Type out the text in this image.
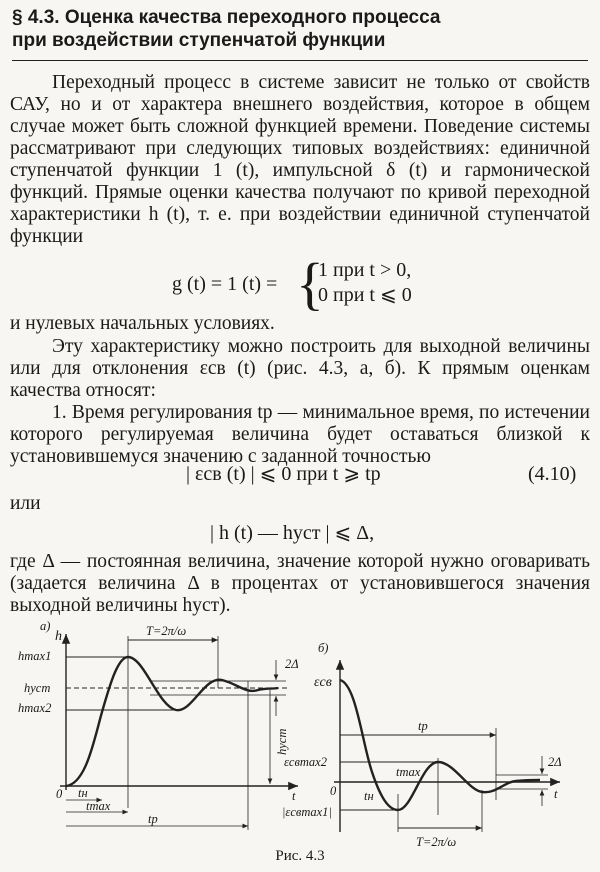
§ 4.3. Оценка качества переходного процесса
при воздействии ступенчатой функции
Переходный процесс в системе зависит не только от свойств САУ, но и от характера внешнего воздействия, которое в общем случае может быть сложной функцией времени. Поведение системы рассматривают при следующих типовых воздействиях: единичной ступенчатой функции 1 (t), импульсной δ (t) и гармонической функций. Прямые оценки качества получают по кривой переходной характеристики h (t), т. е. при воздействии единичной ступенчатой функции
g (t) = 1 (t) = {
1 при t > 0,
0 при t ⩽ 0
и нулевых начальных условиях.
Эту характеристику можно построить для выходной величины или для отклонения εсв (t) (рис. 4.3, а, б). К прямым оценкам качества относят:
1. Время регулирования tр — минимальное время, по истечении которого регулируемая величина будет оставаться близкой к установившемуся значению с заданной точностью
| εсв (t) | ⩽ 0 при t ⩾ tр	(4.10)
или
| h (t) — hуст | ⩽ Δ,
где Δ — постоянная величина, значение которой нужно оговаривать (задается величина Δ в процентах от установившегося значения выходной величины hуст).
а)
h
hmax1
hуст
hmax2
T=2π/ω
2Δ
hуст
0 tн
tmax
tр
t
б)
εсв
tр
2Δ
εсвmax2
tmax
0	t
tн
|εсвmax1|
T=2π/ω
Рис. 4.3
